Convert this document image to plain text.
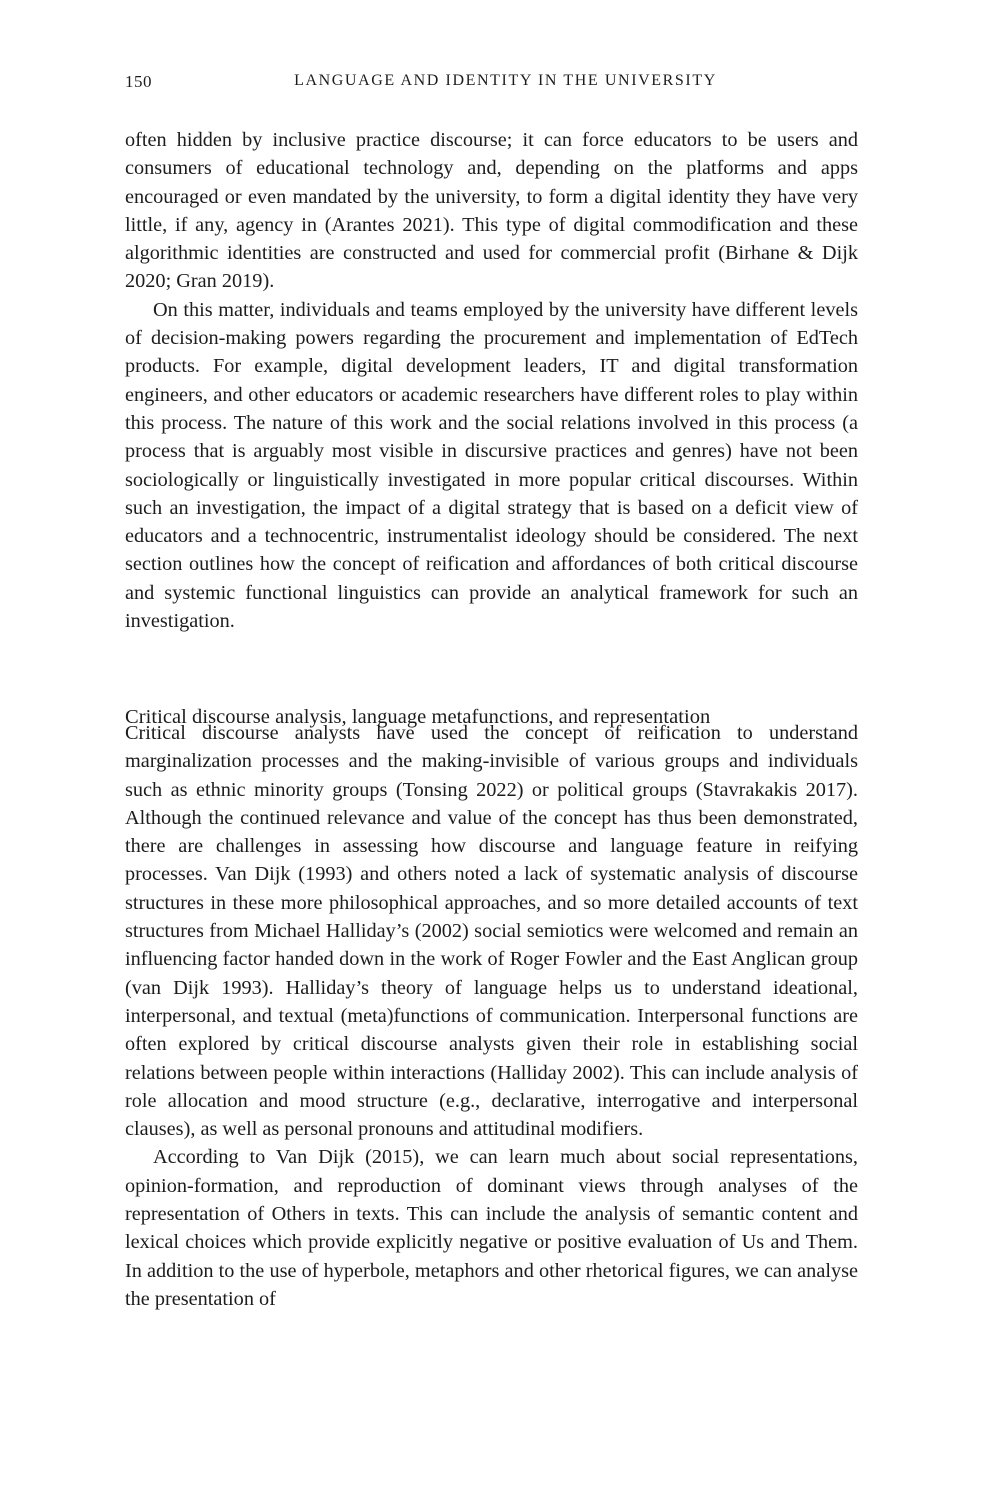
150	LANGUAGE AND IDENTITY IN THE UNIVERSITY

often hidden by inclusive practice discourse; it can force educators to be users and consumers of educational technology and, depending on the platforms and apps encouraged or even mandated by the university, to form a digital identity they have very little, if any, agency in (Arantes 2021). This type of digital commodification and these algorithmic identities are constructed and used for commercial profit (Birhane & Dijk 2020; Gran 2019).

On this matter, individuals and teams employed by the university have different levels of decision-making powers regarding the procurement and implementation of EdTech products. For example, digital development leaders, IT and digital transformation engineers, and other educators or academic researchers have different roles to play within this process. The nature of this work and the social relations involved in this process (a process that is arguably most visible in discursive practices and genres) have not been sociologically or linguistically investigated in more popular critical discourses. Within such an investigation, the impact of a digital strategy that is based on a deficit view of educators and a technocentric, instrumentalist ideology should be considered. The next section outlines how the concept of reification and affordances of both critical discourse and systemic functional linguistics can provide an analytical framework for such an investigation.

Critical discourse analysis, language metafunctions, and representation

Critical discourse analysts have used the concept of reification to understand marginalization processes and the making-invisible of various groups and individuals such as ethnic minority groups (Tonsing 2022) or political groups (Stavrakakis 2017). Although the continued relevance and value of the concept has thus been demonstrated, there are challenges in assessing how discourse and language feature in reifying processes. Van Dijk (1993) and others noted a lack of systematic analysis of discourse structures in these more philosophical approaches, and so more detailed accounts of text structures from Michael Halliday’s (2002) social semiotics were welcomed and remain an influencing factor handed down in the work of Roger Fowler and the East Anglican group (van Dijk 1993). Halliday’s theory of language helps us to understand ideational, interpersonal, and textual (meta)functions of communication. Interpersonal functions are often explored by critical discourse analysts given their role in establishing social relations between people within interactions (Halliday 2002). This can include analysis of role allocation and mood structure (e.g., declarative, interrogative and interpersonal clauses), as well as personal pronouns and attitudinal modifiers.

According to Van Dijk (2015), we can learn much about social representations, opinion-formation, and reproduction of dominant views through analyses of the representation of Others in texts. This can include the analysis of semantic content and lexical choices which provide explicitly negative or positive evaluation of Us and Them. In addition to the use of hyperbole, metaphors and other rhetorical figures, we can analyse the presentation of
